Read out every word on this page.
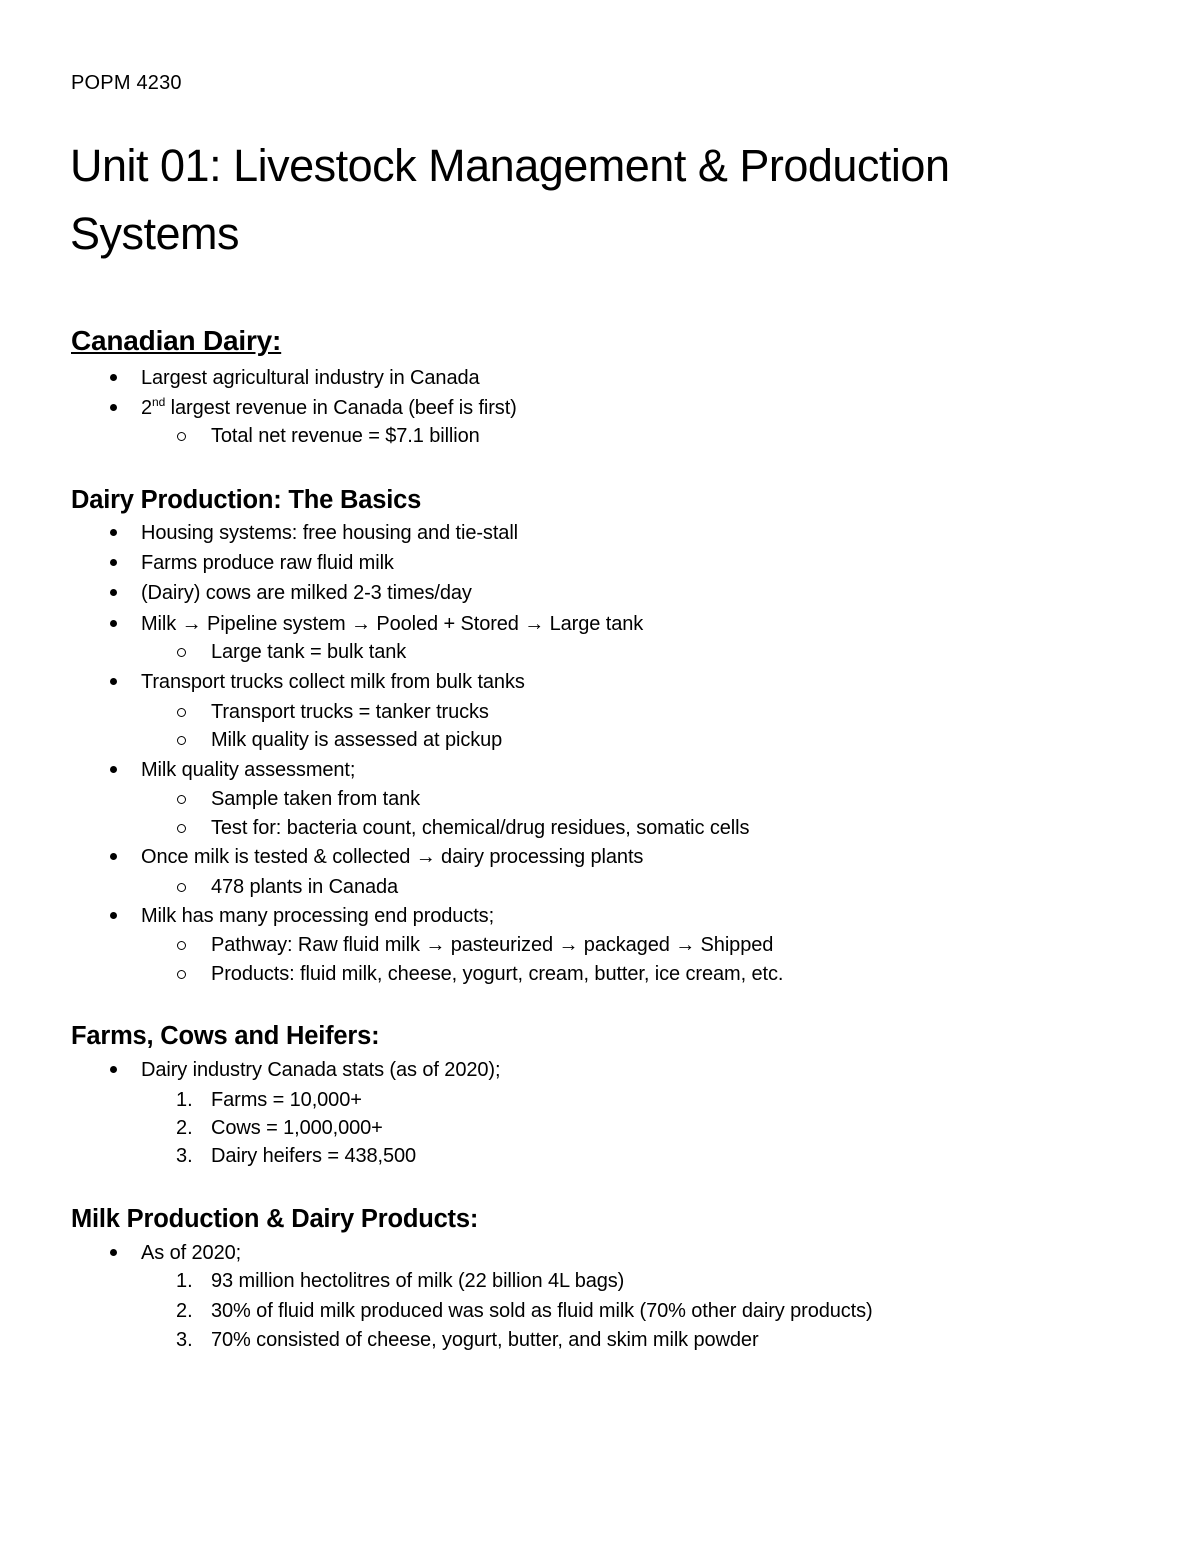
POPM 4230
Unit 01: Livestock Management & Production Systems
Canadian Dairy:
Largest agricultural industry in Canada
2nd largest revenue in Canada (beef is first)
Total net revenue = $7.1 billion
Dairy Production: The Basics
Housing systems: free housing and tie-stall
Farms produce raw fluid milk
(Dairy) cows are milked 2-3 times/day
Milk → Pipeline system → Pooled + Stored → Large tank
Large tank = bulk tank
Transport trucks collect milk from bulk tanks
Transport trucks = tanker trucks
Milk quality is assessed at pickup
Milk quality assessment;
Sample taken from tank
Test for: bacteria count, chemical/drug residues, somatic cells
Once milk is tested & collected → dairy processing plants
478 plants in Canada
Milk has many processing end products;
Pathway: Raw fluid milk → pasteurized → packaged → Shipped
Products: fluid milk, cheese, yogurt, cream, butter, ice cream, etc.
Farms, Cows and Heifers:
Dairy industry Canada stats (as of 2020);
1. Farms = 10,000+
2. Cows = 1,000,000+
3. Dairy heifers = 438,500
Milk Production & Dairy Products:
As of 2020;
1. 93 million hectolitres of milk (22 billion 4L bags)
2. 30% of fluid milk produced was sold as fluid milk (70% other dairy products)
3. 70% consisted of cheese, yogurt, butter, and skim milk powder
